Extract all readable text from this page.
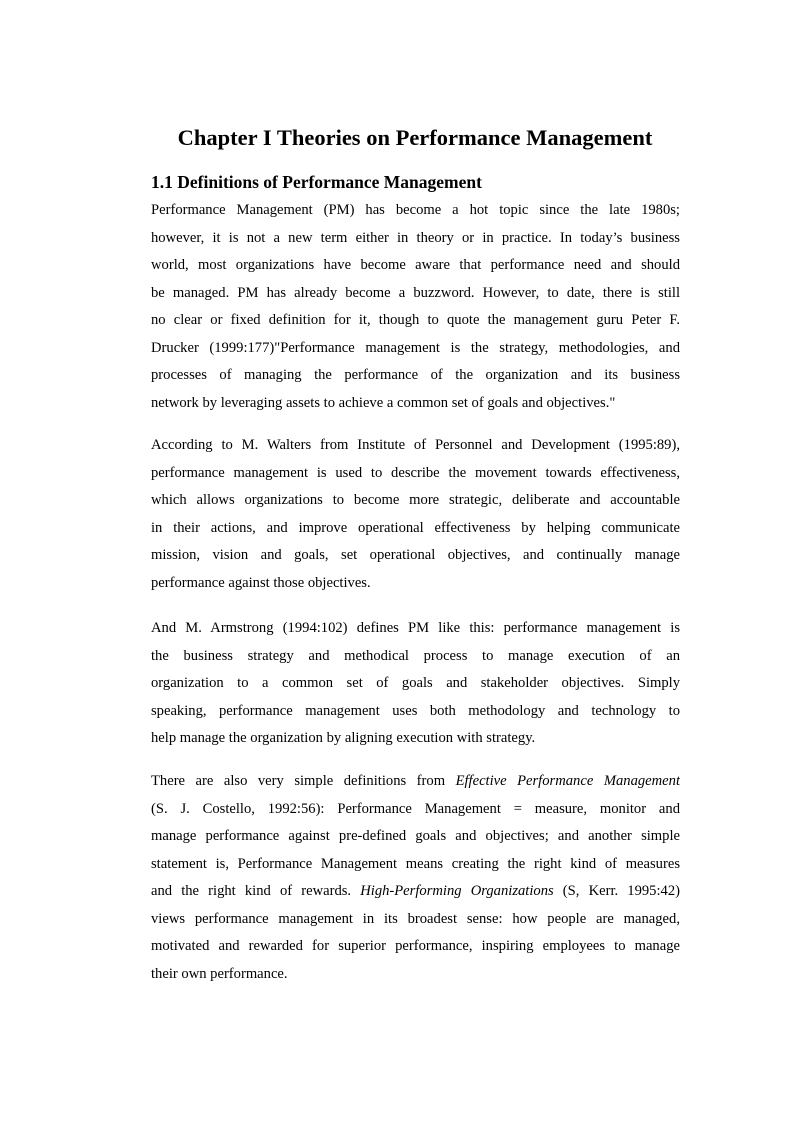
Chapter I Theories on Performance Management
1.1 Definitions of Performance Management
Performance Management (PM) has become a hot topic since the late 1980s;
however, it is not a new term either in theory or in practice. In today’s business
world, most organizations have become aware that performance need and should
be managed. PM has already become a buzzword. However, to date, there is still
no clear or fixed definition for it, though to quote the management guru Peter F.
Drucker (1999:177)"Performance management is the strategy, methodologies, and
processes of managing the performance of the organization and its business
network by leveraging assets to achieve a common set of goals and objectives."
According to M. Walters from Institute of Personnel and Development (1995:89),
performance management is used to describe the movement towards effectiveness,
which allows organizations to become more strategic, deliberate and accountable
in their actions, and improve operational effectiveness by helping communicate
mission, vision and goals, set operational objectives, and continually manage
performance against those objectives.
And M. Armstrong (1994:102) defines PM like this: performance management is
the business strategy and methodical process to manage execution of an
organization to a common set of goals and stakeholder objectives. Simply
speaking, performance management uses both methodology and technology to
help manage the organization by aligning execution with strategy.
There are also very simple definitions from Effective Performance Management
(S. J. Costello, 1992:56): Performance Management = measure, monitor and
manage performance against pre-defined goals and objectives; and another simple
statement is, Performance Management means creating the right kind of measures
and the right kind of rewards. High-Performing Organizations (S, Kerr. 1995:42)
views performance management in its broadest sense: how people are managed,
motivated and rewarded for superior performance, inspiring employees to manage
their own performance.
